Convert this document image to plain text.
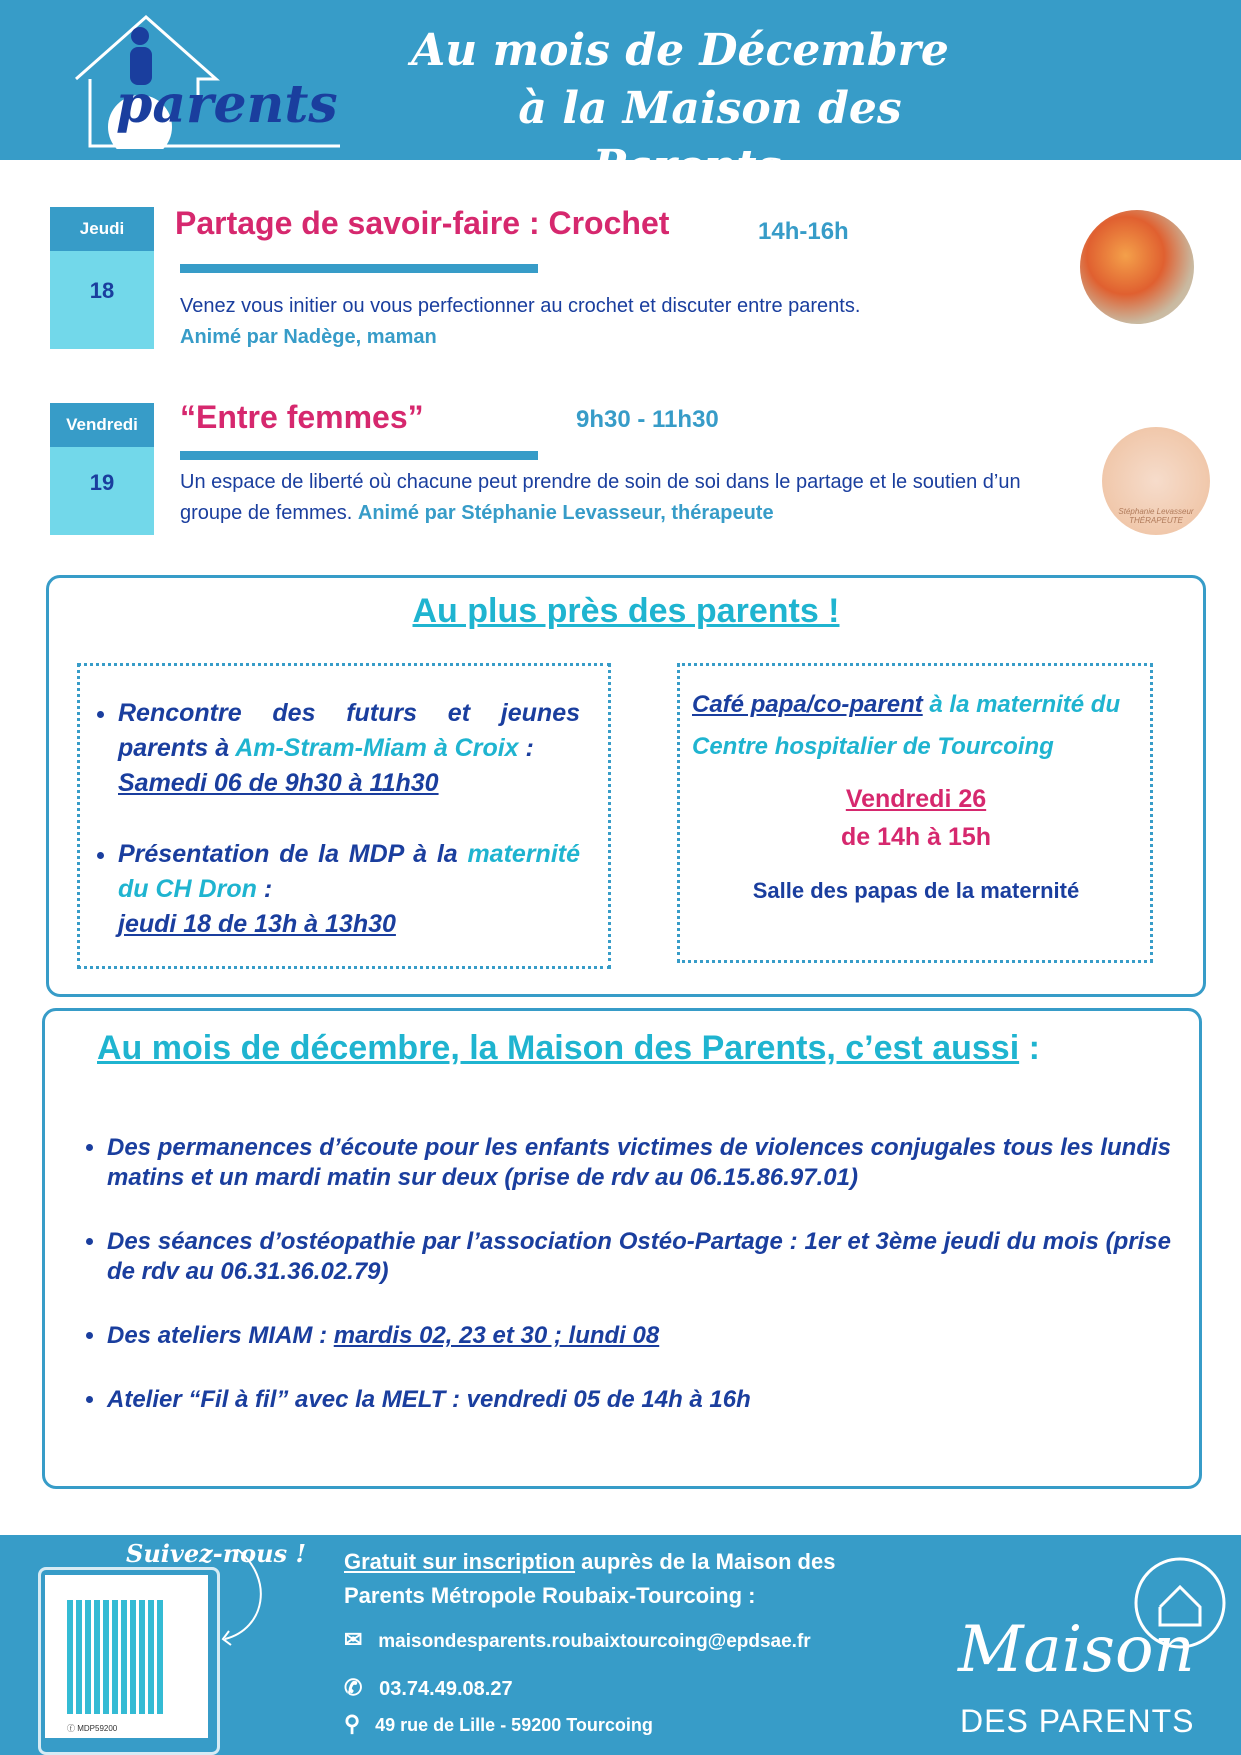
parents
Au mois de Décembre
à la Maison des Parents...
Jeudi
18
Partage de savoir-faire : Crochet	14h-16h
Venez vous initier ou vous perfectionner au crochet et discuter entre parents.
Animé par Nadège, maman
Vendredi
19
“Entre femmes”	9h30 - 11h30
Un espace de liberté où chacune peut prendre de soin de soi dans le partage et le soutien d’un groupe de femmes. Animé par Stéphanie Levasseur, thérapeute	Stéphanie Levasseur THÉRAPEUTE
Au plus près des parents !
• Rencontre des futurs et jeunes parents à Am-Stram-Miam à Croix :
Samedi 06 de 9h30 à 11h30
• Présentation de la MDP à la maternité du CH Dron :
jeudi 18 de 13h à 13h30
Café papa/co-parent à la maternité du Centre hospitalier de Tourcoing
Vendredi 26
de 14h à 15h
Salle des papas de la maternité
Au mois de décembre, la Maison des Parents, c’est aussi :
• Des permanences d’écoute pour les enfants victimes de violences conjugales tous les lundis matins et un mardi matin sur deux (prise de rdv au 06.15.86.97.01)
• Des séances d’ostéopathie par l’association Ostéo-Partage : 1er et 3ème jeudi du mois (prise de rdv au 06.31.36.02.79)
• Des ateliers MIAM : mardis 02, 23 et 30 ; lundi 08
• Atelier “Fil à fil” avec la MELT : vendredi 05 de 14h à 16h
Suivez-nous !
ⓕ MDP59200
Gratuit sur inscription auprès de la Maison des Parents Métropole Roubaix-Tourcoing :
✉ maisondesparents.roubaixtourcoing@epdsae.fr
✆ 03.74.49.08.27
⚲ 49 rue de Lille - 59200 Tourcoing
Maison
DES PARENTS
